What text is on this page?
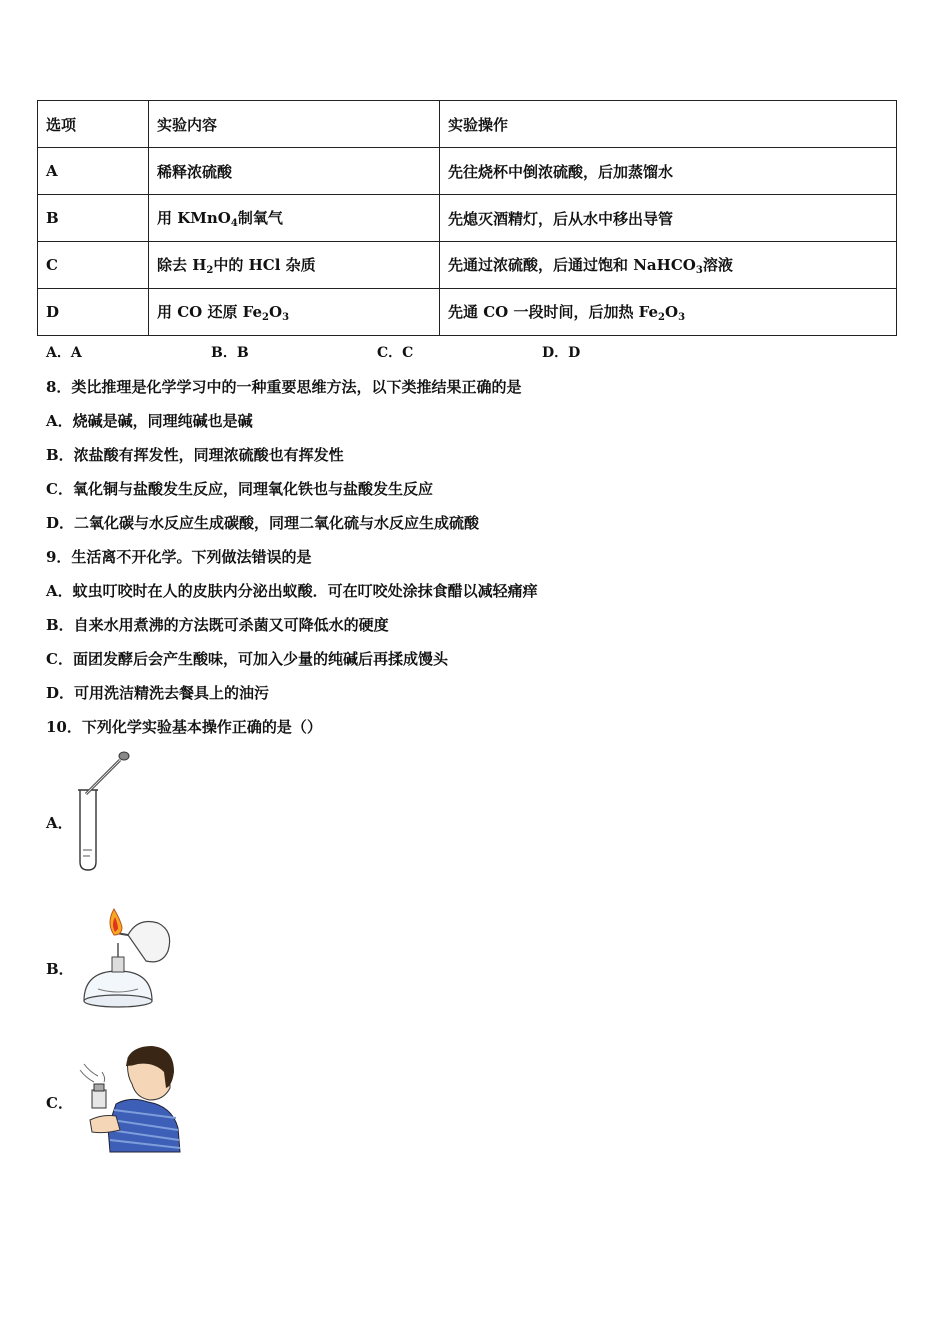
选项	实验内容	实验操作
A	稀释浓硫酸	先往烧杯中倒浓硫酸，后加蒸馏水
B	用 KMnO$_4$制氧气	先熄灭酒精灯，后从水中移出导管
C	除去 $H_2$中的 HCl 杂质	先通过浓硫酸，后通过饱和 NaHCO$_3$溶液
D	用 CO 还原 $Fe_2O_3$	先通 CO 一段时间，后加热 $Fe_2O_3$
A．A	B．B	C．C	D．D
8．类比推理是化学学习中的一种重要思维方法，以下类推结果正确的是
A．烧碱是碱，同理纯碱也是碱
B．浓盐酸有挥发性，同理浓硫酸也有挥发性
C．氧化铜与盐酸发生反应，同理氧化铁也与盐酸发生反应
D．二氧化碳与水反应生成碳酸，同理二氧化硫与水反应生成硫酸
9．生活离不开化学。下列做法错误的是
A．蚊虫叮咬时在人的皮肤内分泌出蚁酸．可在叮咬处涂抹食醋以减轻痛痒
B．自来水用煮沸的方法既可杀菌又可降低水的硬度
C．面团发酵后会产生酸味，可加入少量的纯碱后再揉成馒头
D．可用洗洁精洗去餐具上的油污
10．下列化学实验基本操作正确的是（）
A．
B．
C．
